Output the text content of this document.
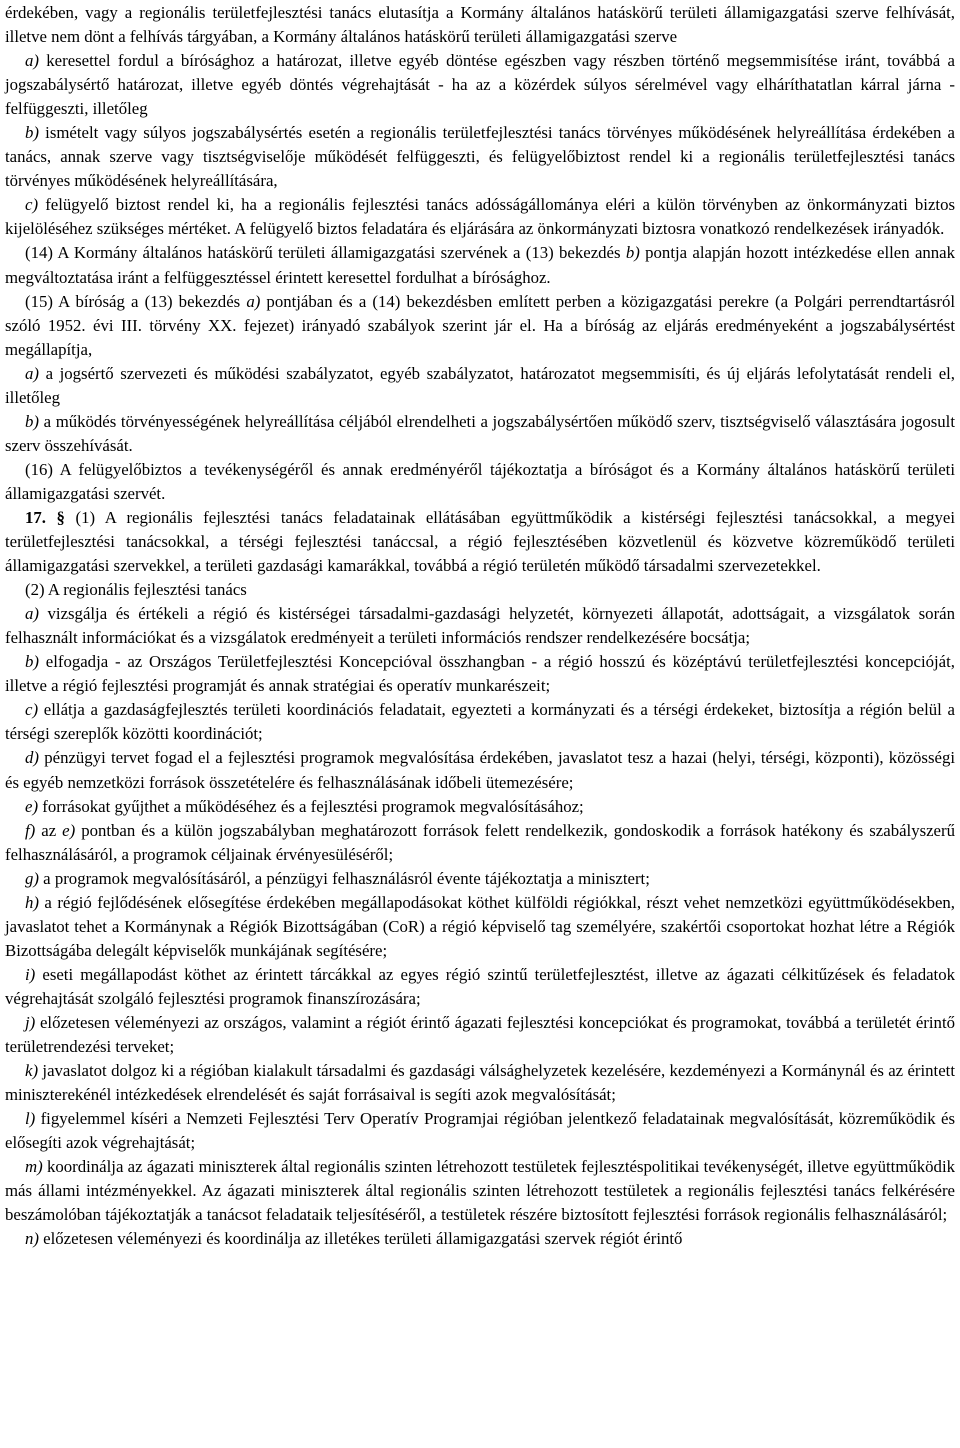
érdekében, vagy a regionális területfejlesztési tanács elutasítja a Kormány általános hatáskörű területi államigazgatási szerve felhívását, illetve nem dönt a felhívás tárgyában, a Kormány általános hatáskörű területi államigazgatási szerve

a) keresettel fordul a bírósághoz a határozat, illetve egyéb döntése egészben vagy részben történő megsemmisítése iránt, továbbá a jogszabálysértő határozat, illetve egyéb döntés végrehajtását - ha az a közérdek súlyos sérelmével vagy elháríthatatlan kárral járna - felfüggeszti, illetőleg

b) ismételt vagy súlyos jogszabálysértés esetén a regionális területfejlesztési tanács törvényes működésének helyreállítása érdekében a tanács, annak szerve vagy tisztségviselője működését felfüggeszti, és felügyelőbiztost rendel ki a regionális területfejlesztési tanács törvényes működésének helyreállítására,

c) felügyelő biztost rendel ki, ha a regionális fejlesztési tanács adósságállománya eléri a külön törvényben az önkormányzati biztos kijelöléséhez szükséges mértéket. A felügyelő biztos feladatára és eljárására az önkormányzati biztosra vonatkozó rendelkezések irányadók.

(14) A Kormány általános hatáskörű területi államigazgatási szervének a (13) bekezdés b) pontja alapján hozott intézkedése ellen annak megváltoztatása iránt a felfüggesztéssel érintett keresettel fordulhat a bírósághoz.

(15) A bíróság a (13) bekezdés a) pontjában és a (14) bekezdésben említett perben a közigazgatási perekre (a Polgári perrendtartásról szóló 1952. évi III. törvény XX. fejezet) irányadó szabályok szerint jár el. Ha a bíróság az eljárás eredményeként a jogszabálysértést megállapítja,

a) a jogsértő szervezeti és működési szabályzatot, egyéb szabályzatot, határozatot megsemmisíti, és új eljárás lefolytatását rendeli el, illetőleg

b) a működés törvényességének helyreállítása céljából elrendelheti a jogszabálysértően működő szerv, tisztségviselő választására jogosult szerv összehívását.

(16) A felügyelőbiztos a tevékenységéről és annak eredményéről tájékoztatja a bíróságot és a Kormány általános hatáskörű területi államigazgatási szervét.

17. § (1) A regionális fejlesztési tanács feladatainak ellátásában együttműködik a kistérségi fejlesztési tanácsokkal, a megyei területfejlesztési tanácsokkal, a térségi fejlesztési tanáccsal, a régió fejlesztésében közvetlenül és közvetve közreműködő területi államigazgatási szervekkel, a területi gazdasági kamarákkal, továbbá a régió területén működő társadalmi szervezetekkel.

(2) A regionális fejlesztési tanács

a) vizsgálja és értékeli a régió és kistérségei társadalmi-gazdasági helyzetét, környezeti állapotát, adottságait, a vizsgálatok során felhasznált információkat és a vizsgálatok eredményeit a területi információs rendszer rendelkezésére bocsátja;

b) elfogadja - az Országos Területfejlesztési Koncepcióval összhangban - a régió hosszú és középtávú területfejlesztési koncepcióját, illetve a régió fejlesztési programját és annak stratégiai és operatív munkarészeit;

c) ellátja a gazdaságfejlesztés területi koordinációs feladatait, egyezteti a kormányzati és a térségi érdekeket, biztosítja a régión belül a térségi szereplők közötti koordinációt;

d) pénzügyi tervet fogad el a fejlesztési programok megvalósítása érdekében, javaslatot tesz a hazai (helyi, térségi, központi), közösségi és egyéb nemzetközi források összetételére és felhasználásának időbeli ütemezésére;

e) forrásokat gyűjthet a működéséhez és a fejlesztési programok megvalósításához;

f) az e) pontban és a külön jogszabályban meghatározott források felett rendelkezik, gondoskodik a források hatékony és szabályszerű felhasználásáról, a programok céljainak érvényesüléséről;

g) a programok megvalósításáról, a pénzügyi felhasználásról évente tájékoztatja a minisztert;

h) a régió fejlődésének elősegítése érdekében megállapodásokat köthet külföldi régiókkal, részt vehet nemzetközi együttműködésekben, javaslatot tehet a Kormánynak a Régiók Bizottságában (CoR) a régió képviselő tag személyére, szakértői csoportokat hozhat létre a Régiók Bizottságába delegált képviselők munkájának segítésére;

i) eseti megállapodást köthet az érintett tárcákkal az egyes régió szintű területfejlesztést, illetve az ágazati célkitűzések és feladatok végrehajtását szolgáló fejlesztési programok finanszírozására;

j) előzetesen véleményezi az országos, valamint a régiót érintő ágazati fejlesztési koncepciókat és programokat, továbbá a területét érintő területrendezési terveket;

k) javaslatot dolgoz ki a régióban kialakult társadalmi és gazdasági válsághelyzetek kezelésére, kezdeményezi a Kormánynál és az érintett miniszterekénél intézkedések elrendelését és saját forrásaival is segíti azok megvalósítását;

l) figyelemmel kíséri a Nemzeti Fejlesztési Terv Operatív Programjai régióban jelentkező feladatainak megvalósítását, közreműködik és elősegíti azok végrehajtását;

m) koordinálja az ágazati miniszterek által regionális szinten létrehozott testületek fejlesztéspolitikai tevékenységét, illetve együttműködik más állami intézményekkel. Az ágazati miniszterek által regionális szinten létrehozott testületek a regionális fejlesztési tanács felkérésére beszámolóban tájékoztatják a tanácsot feladataik teljesítéséről, a testületek részére biztosított fejlesztési források regionális felhasználásáról;

n) előzetesen véleményezi és koordinálja az illetékes területi államigazgatási szervek régiót érintő
